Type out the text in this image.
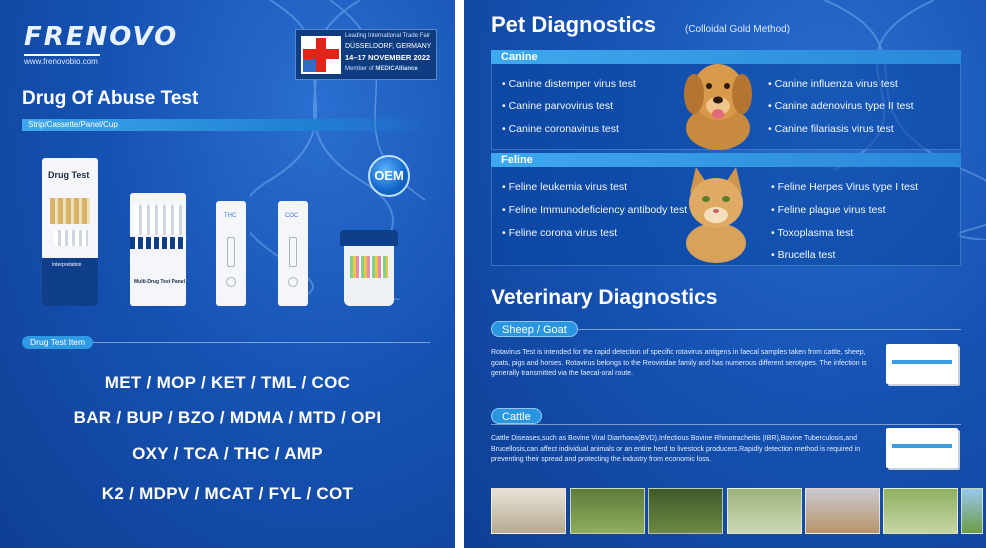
FRENOVO
www.frenovobio.com
Leading International Trade Fair
DÜSSELDORF, GERMANY
14–17 NOVEMBER 2022
Member of MEDICAlliance
Drug Of Abuse Test
Strip/Cassette/Panel/Cup
OEM
Drug Test
Interpretation
Multi-Drug Test Panel
THC	COC
Drug Test Item
MET / MOP / KET / TML / COC
BAR / BUP / BZO / MDMA / MTD / OPI
OXY / TCA / THC / AMP
K2 / MDPV / MCAT / FYL / COT
Pet Diagnostics	(Colloidal Gold Method)
Canine
• Canine distemper virus test
• Canine parvovirus test
• Canine coronavirus test
• Canine influenza virus test
• Canine adenovirus type II test
• Canine filariasis virus test
Feline
• Feline leukemia virus test
• Feline Immunodeficiency antibody test
• Feline corona virus test
• Feline Herpes Virus type I test
• Feline plague virus test
• Toxoplasma test
• Brucella test
Veterinary Diagnostics
Sheep / Goat
Rotavirus Test is intended for the rapid detection of specific rotavirus antigens in faecal samples taken from cattle, sheep, goats, pigs and horses. Rotavirus belongs to the Reoviridae family and has numerous different serotypes. The infection is generally transmitted via the faecal-oral route.
Cattle
Cattle Diseases,such as Bovine Viral Diarrhoea(BVD),Infectious Bovine Rhinotracheitis (IBR),Bovine Tuberculosis,and Brucellosis,can affect individual animals or an entire herd to livestock producers.Rapidly detection method is required in preventing their spread and protecting the industry from economic loss.
